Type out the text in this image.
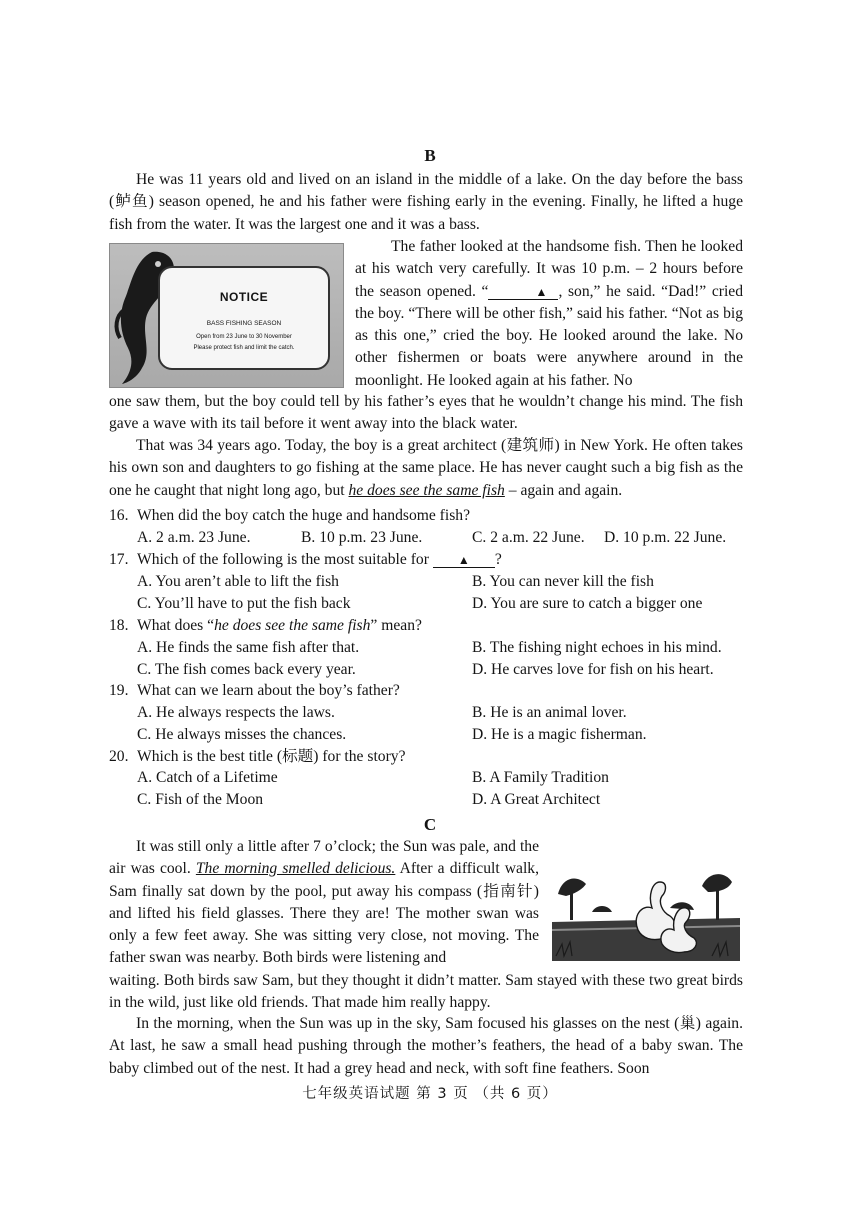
B

He was 11 years old and lived on an island in the middle of a lake. On the day before the bass (鲈鱼) season opened, he and his father were fishing early in the evening. Finally, he lifted a huge fish from the water. It was the largest one and it was a bass.

NOTICE
BASS FISHING SEASON
Open from 23 June to 30 November
Please protect fish and limit the catch.

The father looked at the handsome fish. Then he looked at his watch very carefully. It was 10 p.m. – 2 hours before the season opened. “	▲ , son,” he said. “Dad!” cried the boy. “There will be other fish,” said his father. “Not as big as this one,” cried the boy. He looked around the lake. No other fishermen or boats were anywhere around in the moonlight. He looked again at his father. No

one saw them, but the boy could tell by his father’s eyes that he wouldn’t change his mind. The fish gave a wave with its tail before it went away into the black water.

That was 34 years ago. Today, the boy is a great architect (建筑师) in New York. He often takes his own son and daughters to go fishing at the same place. He has never caught such a big fish as the one he caught that night long ago, but he does see the same fish – again and again.

16. When did the boy catch the huge and handsome fish?
A. 2 a.m. 23 June.	B. 10 p.m. 23 June.	C. 2 a.m. 22 June. D. 10 p.m. 22 June.
17. Which of the following is the most suitable for ▲ ?
A. You aren’t able to lift the fish	B. You can never kill the fish
C. You’ll have to put the fish back	D. You are sure to catch a bigger one
18. What does “he does see the same fish” mean?
A. He finds the same fish after that.	B. The fishing night echoes in his mind.
C. The fish comes back every year.	D. He carves love for fish on his heart.
19. What can we learn about the boy’s father?
A. He always respects the laws.	B. He is an animal lover.
C. He always misses the chances.	D. He is a magic fisherman.
20. Which is the best title (标题) for the story?
A. Catch of a Lifetime	B. A Family Tradition
C. Fish of the Moon	D. A Great Architect
C

It was still only a little after 7 o’clock; the Sun was pale, and the air was cool. The morning smelled delicious. After a difficult walk, Sam finally sat down by the pool, put away his compass (指南针) and lifted his field glasses. There they are! The mother swan was only a few feet away. She was sitting very close, not moving. The father swan was nearby. Both birds were listening and

waiting. Both birds saw Sam, but they thought it didn’t matter. Sam stayed with these two great birds in the wild, just like old friends. That made him really happy.

In the morning, when the Sun was up in the sky, Sam focused his glasses on the nest (巢) again. At last, he saw a small head pushing through the mother’s feathers, the head of a baby swan. The baby climbed out of the nest. It had a grey head and neck, with soft fine feathers. Soon

七年级英语试题 第 3 页 （共 6 页）
